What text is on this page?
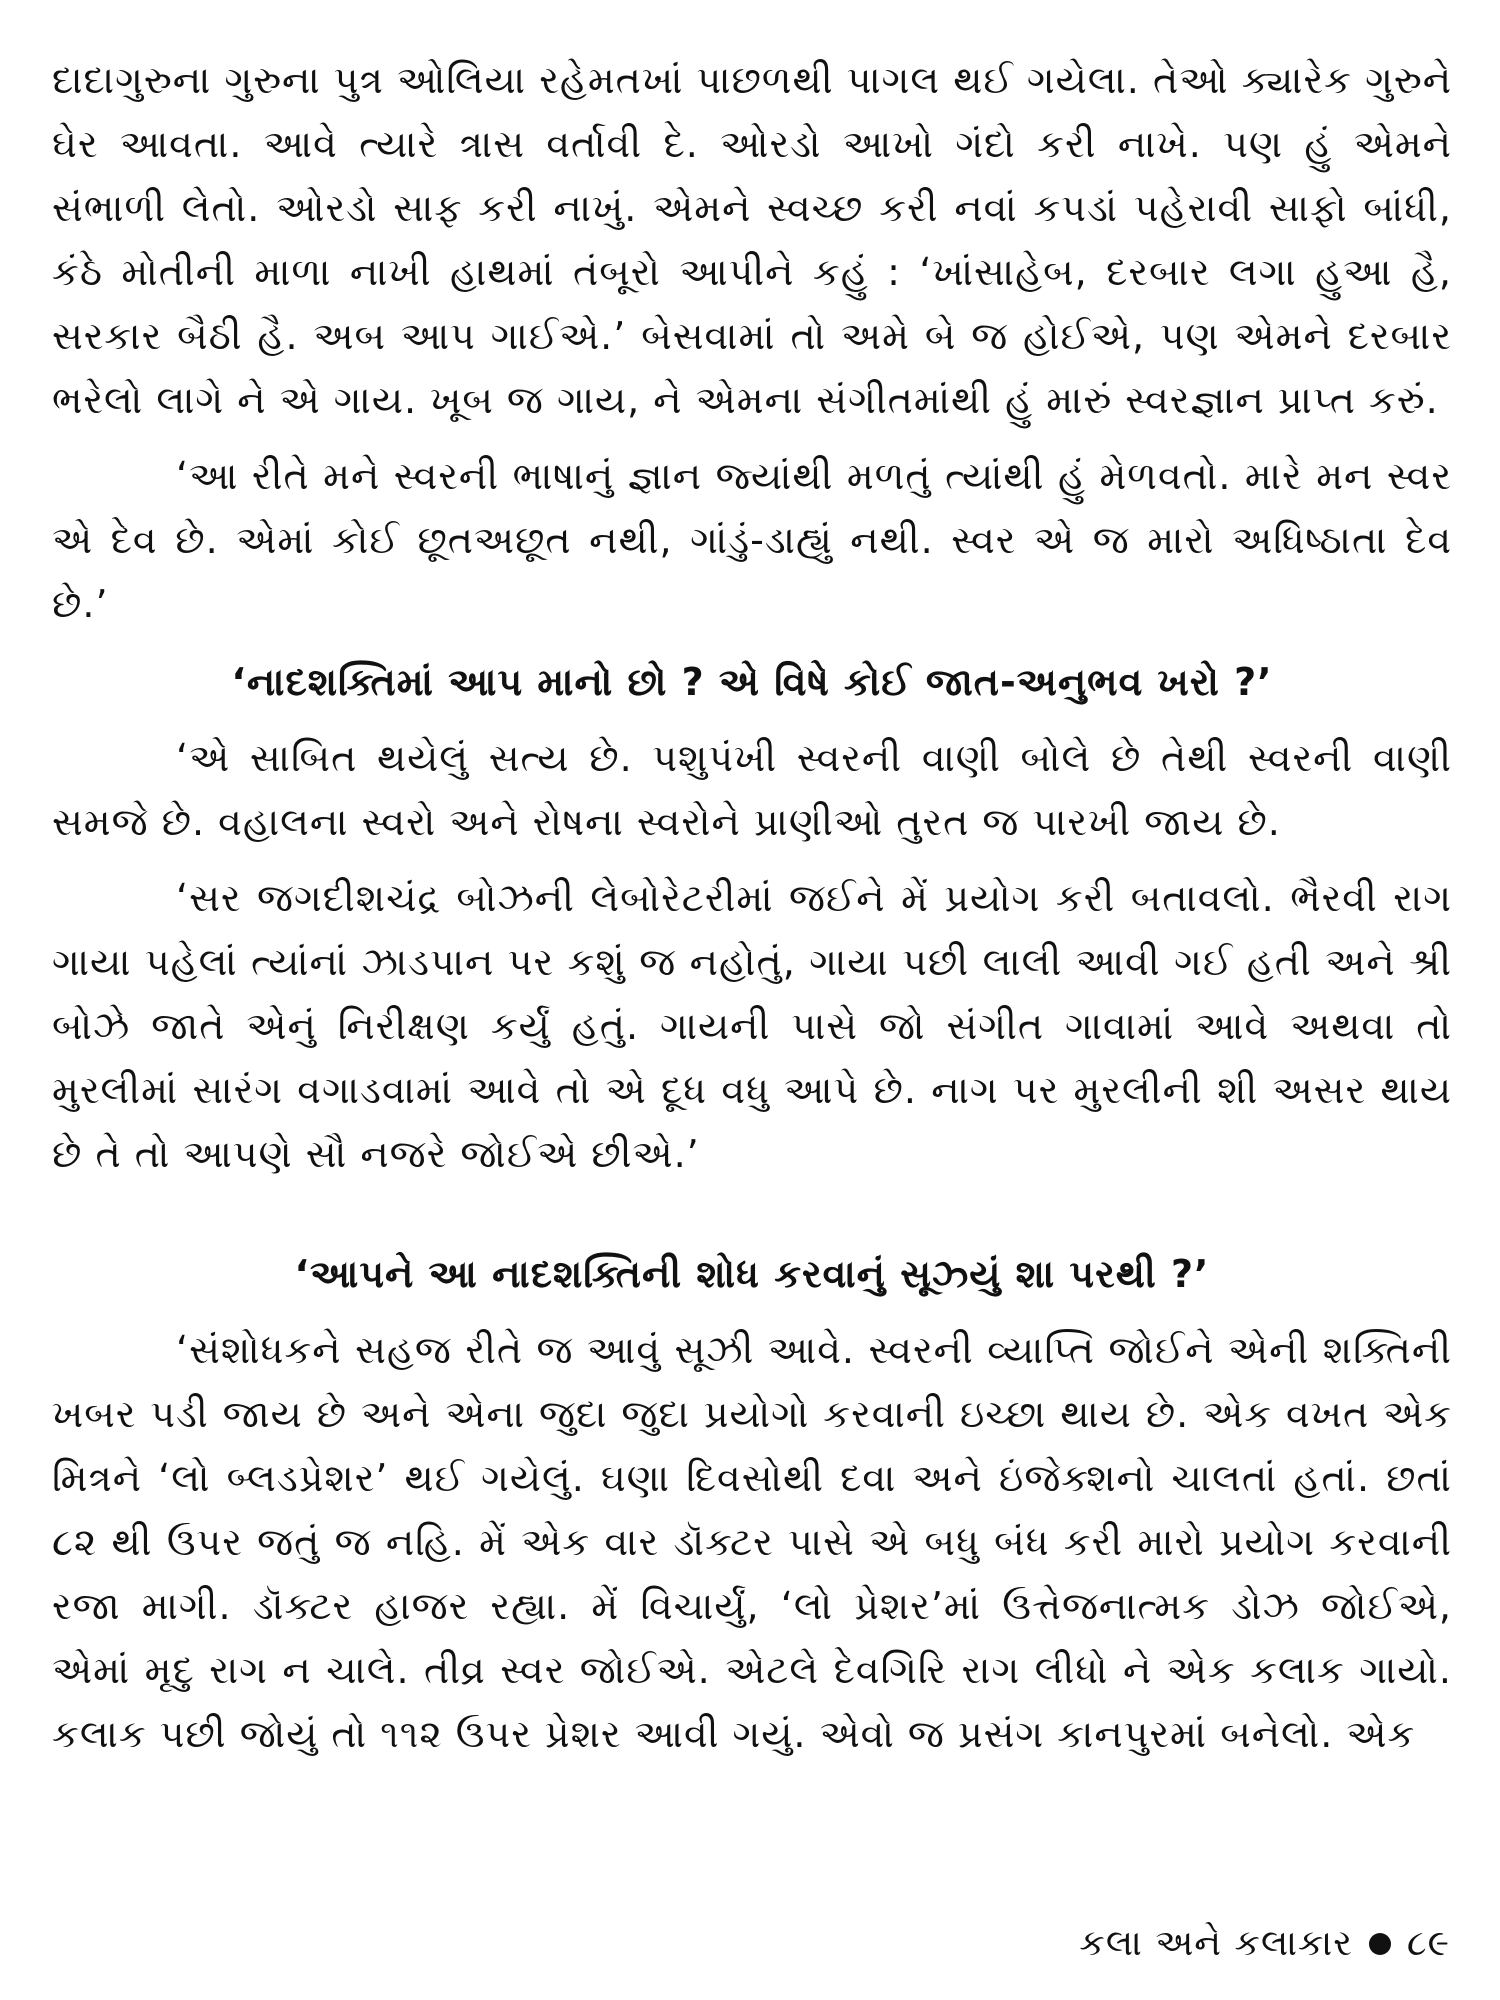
દાદાગુરુના ગુરુના પુત્ર ઓલિયા રહેમતખાં પાછળથી પાગલ થઈ ગયેલા. તેઓ ક્યારેક ગુરુને ઘેર આવતા. આવે ત્યારે ત્રાસ વર્તાવી દે. ઓરડો આખો ગંદો કરી નાખે. પણ હું એમને સંભાળી લેતો. ઓરડો સાફ કરી નાખું. એમને સ્વચ્છ કરી નવાં કપડાં પહેરાવી સાફો બાંધી, કંઠે મોતીની માળા નાખી હાથમાં તંબૂરો આપીને કહું : ‘ખાંસાહેબ, દરબાર લગા હુઆ હૈ, સરકાર બૈઠી હૈ. અબ આપ ગાઈએ.’ બેસવામાં તો અમે બે જ હોઈએ, પણ એમને દરબાર ભરેલો લાગે ને એ ગાય. ખૂબ જ ગાય, ને એમના સંગીતમાંથી હું મારું સ્વરજ્ઞાન પ્રાપ્ત કરું.

‘આ રીતે મને સ્વરની ભાષાનું જ્ઞાન જ્યાંથી મળતું ત્યાંથી હું મેળવતો. મારે મન સ્વર એ દેવ છે. એમાં કોઈ છૂતઅછૂત નથી, ગાંડું-ડાહ્યું નથી. સ્વર એ જ મારો અધિષ્ઠાતા દેવ છે.’

‘નાદશક્તિમાં આપ માનો છો ? એ વિષે કોઈ જાત-અનુભવ ખરો ?’

‘એ સાબિત થયેલું સત્ય છે. પશુપંખી સ્વરની વાણી બોલે છે તેથી સ્વરની વાણી સમજે છે. વહાલના સ્વરો અને રોષના સ્વરોને પ્રાણીઓ તુરત જ પારખી જાય છે.

‘સર જગદીશચંદ્ર બોઝની લેબોરેટરીમાં જઈને મેં પ્રયોગ કરી બતાવલો. ભૈરવી રાગ ગાયા પહેલાં ત્યાંનાં ઝાડપાન પર કશું જ નહોતું, ગાયા પછી લાલી આવી ગઈ હતી અને શ્રી બોઝે જાતે એનું નિરીક્ષણ કર્યું હતું. ગાયની પાસે જો સંગીત ગાવામાં આવે અથવા તો મુરલીમાં સારંગ વગાડવામાં આવે તો એ દૂધ વધુ આપે છે. નાગ પર મુરલીની શી અસર થાય છે તે તો આપણે સૌ નજરે જોઈએ છીએ.’

‘આપને આ નાદશક્તિની શોધ કરવાનું સૂઝ્યું શા પરથી ?’

‘સંશોધકને સહજ રીતે જ આવું સૂઝી આવે. સ્વરની વ્યાપ્તિ જોઈને એની શક્તિની ખબર પડી જાય છે અને એના જુદા જુદા પ્રયોગો કરવાની ઇચ્છા થાય છે. એક વખત એક મિત્રને ‘લો બ્લડપ્રેશર’ થઈ ગયેલું. ઘણા દિવસોથી દવા અને ઇંજેક્શનો ચાલતાં હતાં. છતાં ૮૨ થી ઉપર જતું જ નહિ. મેં એક વાર ડૉક્ટર પાસે એ બધુ બંધ કરી મારો પ્રયોગ કરવાની રજા માગી. ડૉક્ટર હાજર રહ્યા. મેં વિચાર્યું, ‘લો પ્રેશર’માં ઉત્તેજનાત્મક ડોઝ જોઈએ, એમાં મૃદુ રાગ ન ચાલે. તીવ્ર સ્વર જોઈએ. એટલે દેવગિરિ રાગ લીધો ને એક કલાક ગાયો. કલાક પછી જોયું તો ૧૧૨ ઉપર પ્રેશર આવી ગયું. એવો જ પ્રસંગ કાનપુરમાં બનેલો. એક

કલા અને કલાકાર ૮૯
